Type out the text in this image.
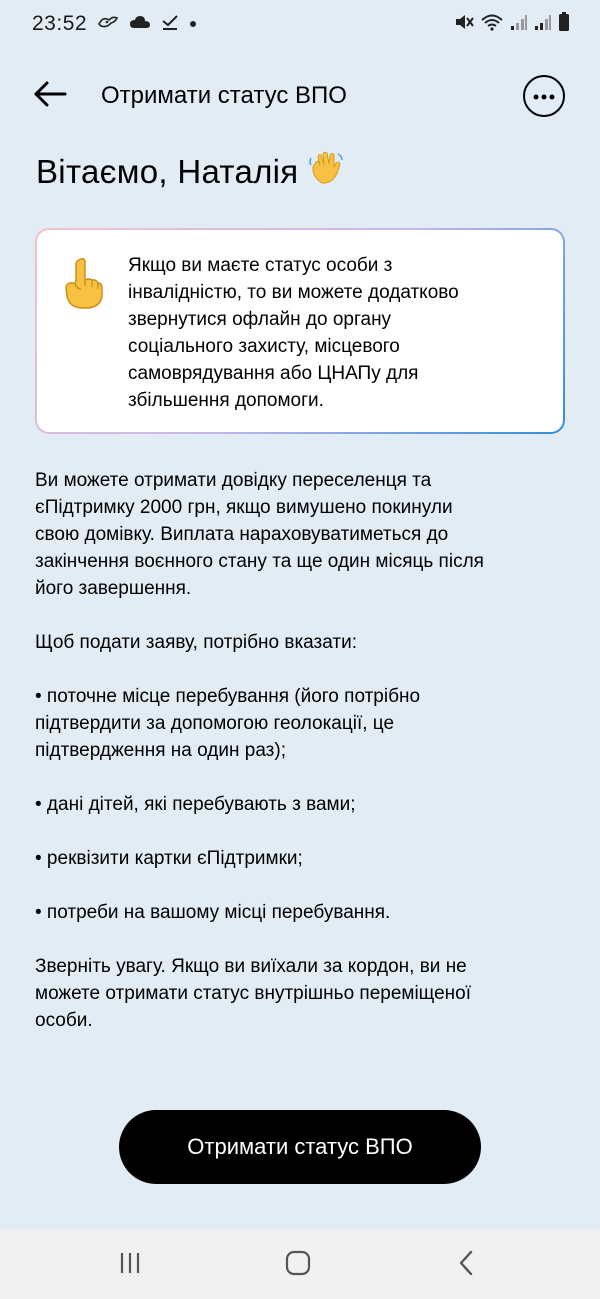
23:52
Отримати статус ВПО
Вітаємо, Наталія
Якщо ви маєте статус особи з
інвалідністю, то ви можете додатково
звернутися офлайн до органу
соціального захисту, місцевого
самоврядування або ЦНАПу для
збільшення допомоги.

Ви можете отримати довідку переселенця та
єПідтримку 2000 грн, якщо вимушено покинули
свою домівку. Виплата нараховуватиметься до
закінчення воєнного стану та ще один місяць після
його завершення.

Щоб подати заяву, потрібно вказати:

• поточне місце перебування (його потрібно
підтвердити за допомогою геолокації, це
підтвердження на один раз);

• дані дітей, які перебувають з вами;

• реквізити картки єПідтримки;

• потреби на вашому місці перебування.

Зверніть увагу. Якщо ви виїхали за кордон, ви не
можете отримати статус внутрішньо переміщеної
особи.

Отримати статус ВПО
